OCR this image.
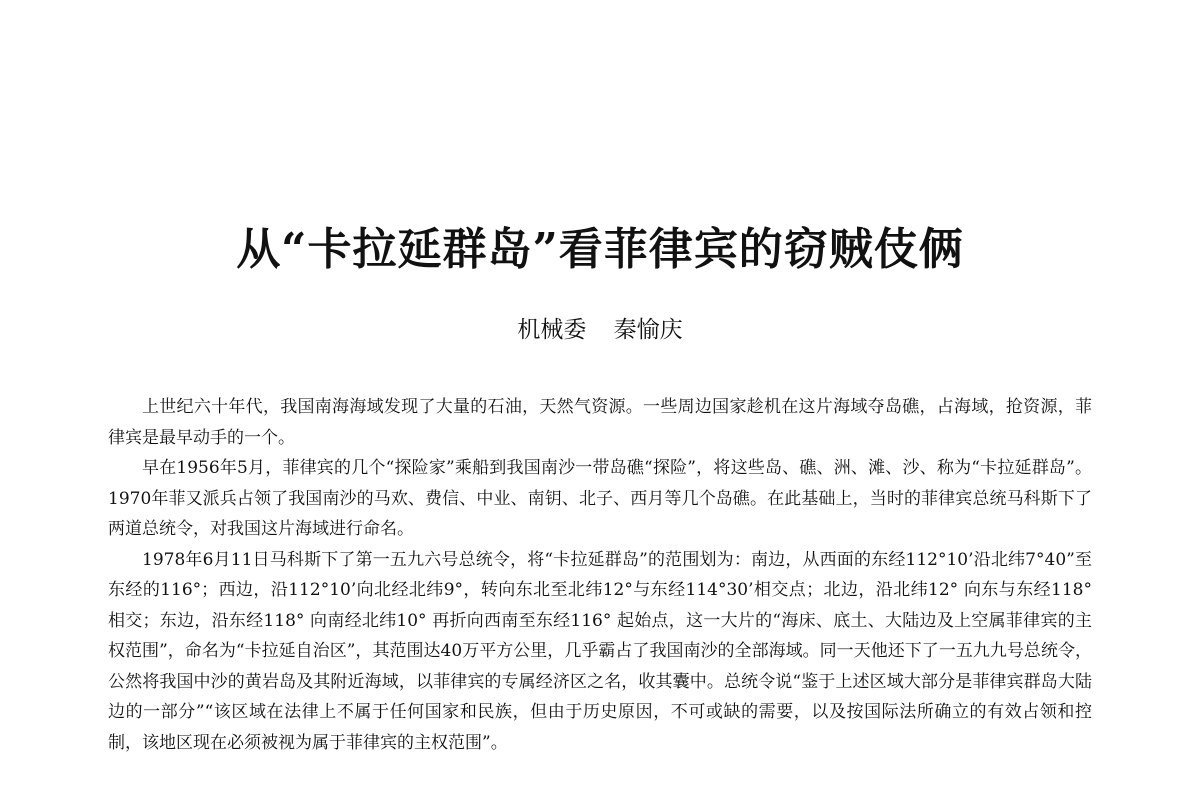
从“卡拉延群岛”看菲律宾的窃贼伎俩
机械委 秦愉庆

上世纪六十年代，我国南海海域发现了大量的石油，天然气资源。一些周边国家趁机在这片海域夺岛礁，占海域，抢资源，菲律宾是最早动手的一个。

早在1956年5月，菲律宾的几个“探险家”乘船到我国南沙一带岛礁“探险”，将这些岛、礁、洲、滩、沙、称为“卡拉延群岛”。1970年菲又派兵占领了我国南沙的马欢、费信、中业、南钥、北子、西月等几个岛礁。在此基础上，当时的菲律宾总统马科斯下了两道总统令，对我国这片海域进行命名。

1978年6月11日马科斯下了第一五九六号总统令，将“卡拉延群岛”的范围划为：南边，从西面的东经112°10’沿北纬7°40”至东经的116°；西边，沿112°10’向北经北纬9°，转向东北至北纬12°与东经114°30’相交点；北边，沿北纬12° 向东与东经118° 相交；东边，沿东经118° 向南经北纬10° 再折向西南至东经116° 起始点，这一大片的“海床、底土、大陆边及上空属菲律宾的主权范围”，命名为“卡拉延自治区”，其范围达40万平方公里，几乎霸占了我国南沙的全部海域。同一天他还下了一五九九号总统令，公然将我国中沙的黄岩岛及其附近海域，以菲律宾的专属经济区之名，收其囊中。总统令说“鉴于上述区域大部分是菲律宾群岛大陆边的一部分”“该区域在法律上不属于任何国家和民族，但由于历史原因，不可或缺的需要，以及按国际法所确立的有效占领和控制，该地区现在必须被视为属于菲律宾的主权范围”。
